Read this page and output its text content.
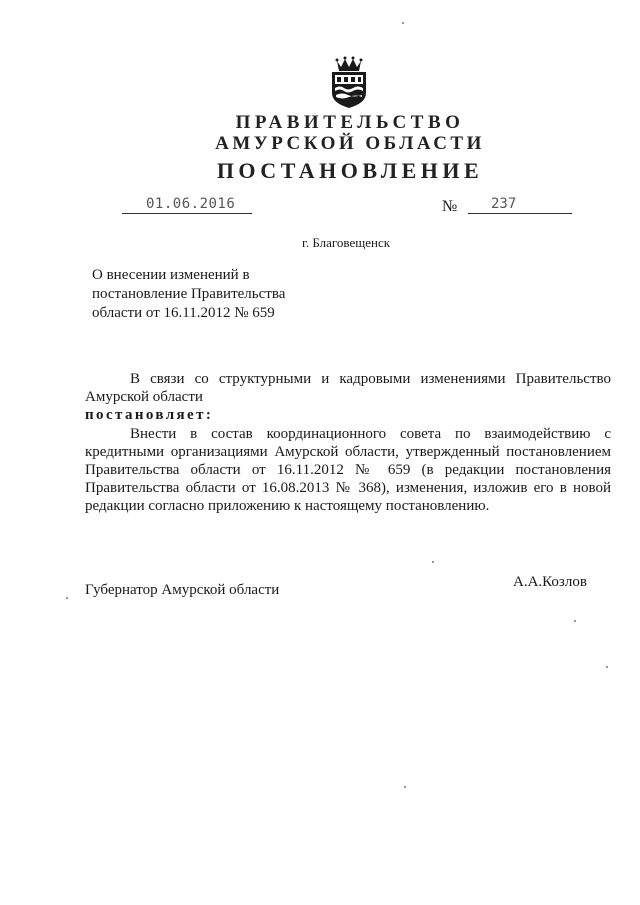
ПРАВИТЕЛЬСТВО
АМУРСКОЙ ОБЛАСТИ
ПОСТАНОВЛЕНИЕ
01.06.2016	№ 237
г. Благовещенск
О внесении изменений в
постановление Правительства
области от 16.11.2012 № 659
В связи со структурными и кадровыми изменениями Правительство Амурской области
постановляет:
Внести в состав координационного совета по взаимодействию с кредитными организациями Амурской области, утвержденный постановлением Правительства области от 16.11.2012 № 659 (в редакции постановления Правительства области от 16.08.2013 № 368), изменения, изложив его в новой редакции согласно приложению к настоящему постановлению.
Губернатор Амурской области	А.А.Козлов
